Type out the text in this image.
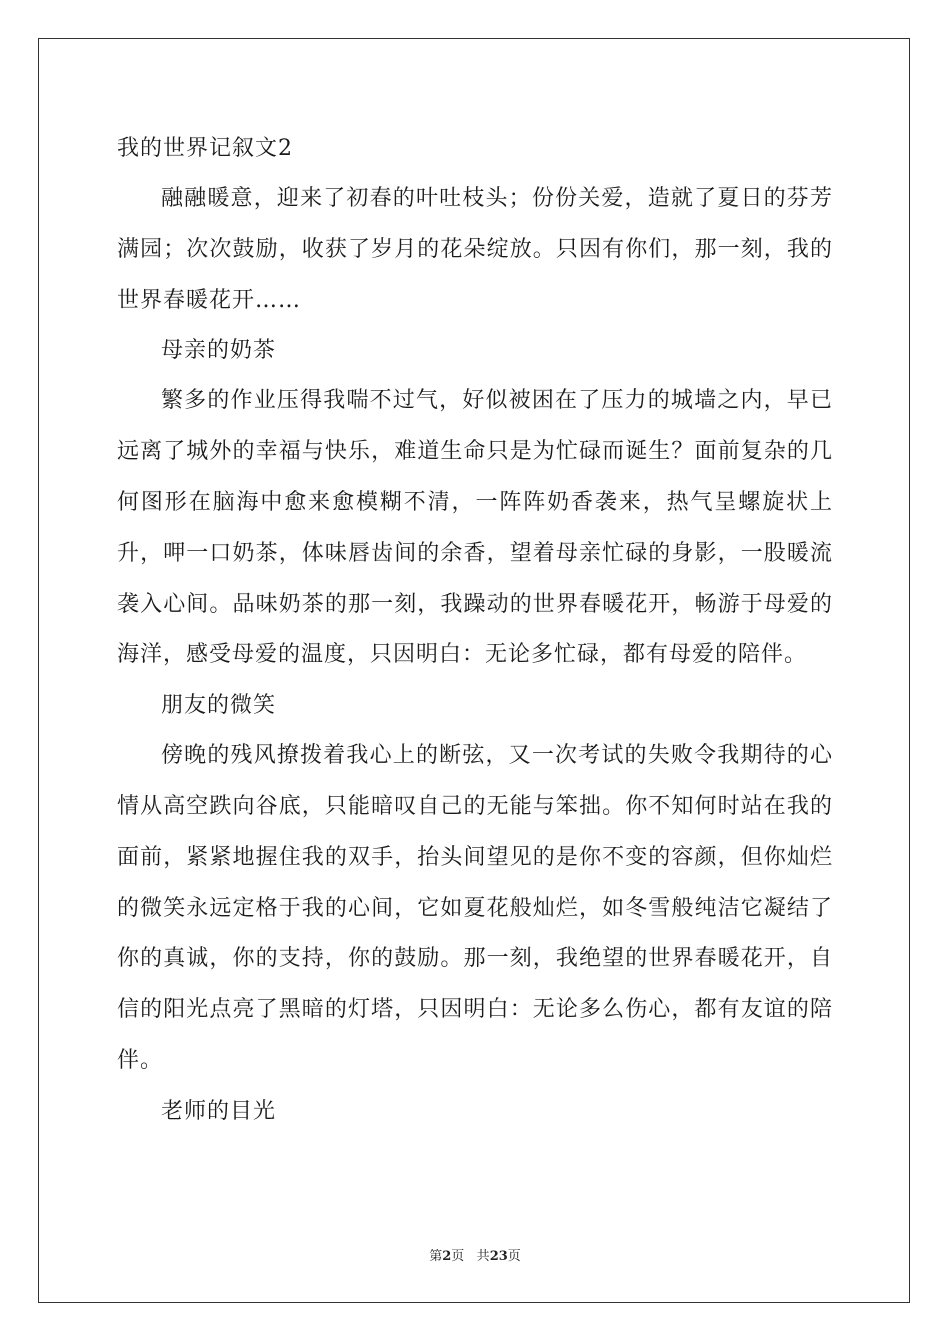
我的世界记叙文2

融融暖意，迎来了初春的叶吐枝头；份份关爱，造就了夏日的芬芳满园；次次鼓励，收获了岁月的花朵绽放。只因有你们，那一刻，我的世界春暖花开……

母亲的奶茶

繁多的作业压得我喘不过气，好似被困在了压力的城墙之内，早已远离了城外的幸福与快乐，难道生命只是为忙碌而诞生？面前复杂的几何图形在脑海中愈来愈模糊不清，一阵阵奶香袭来，热气呈螺旋状上升，呷一口奶茶，体味唇齿间的余香，望着母亲忙碌的身影，一股暖流袭入心间。品味奶茶的那一刻，我躁动的世界春暖花开，畅游于母爱的海洋，感受母爱的温度，只因明白：无论多忙碌，都有母爱的陪伴。

朋友的微笑

傍晚的残风撩拨着我心上的断弦，又一次考试的失败令我期待的心情从高空跌向谷底，只能暗叹自己的无能与笨拙。你不知何时站在我的面前，紧紧地握住我的双手，抬头间望见的是你不变的容颜，但你灿烂的微笑永远定格于我的心间，它如夏花般灿烂，如冬雪般纯洁它凝结了你的真诚，你的支持，你的鼓励。那一刻，我绝望的世界春暖花开，自信的阳光点亮了黑暗的灯塔，只因明白：无论多么伤心，都有友谊的陪伴。

老师的目光

第2页 共23页
